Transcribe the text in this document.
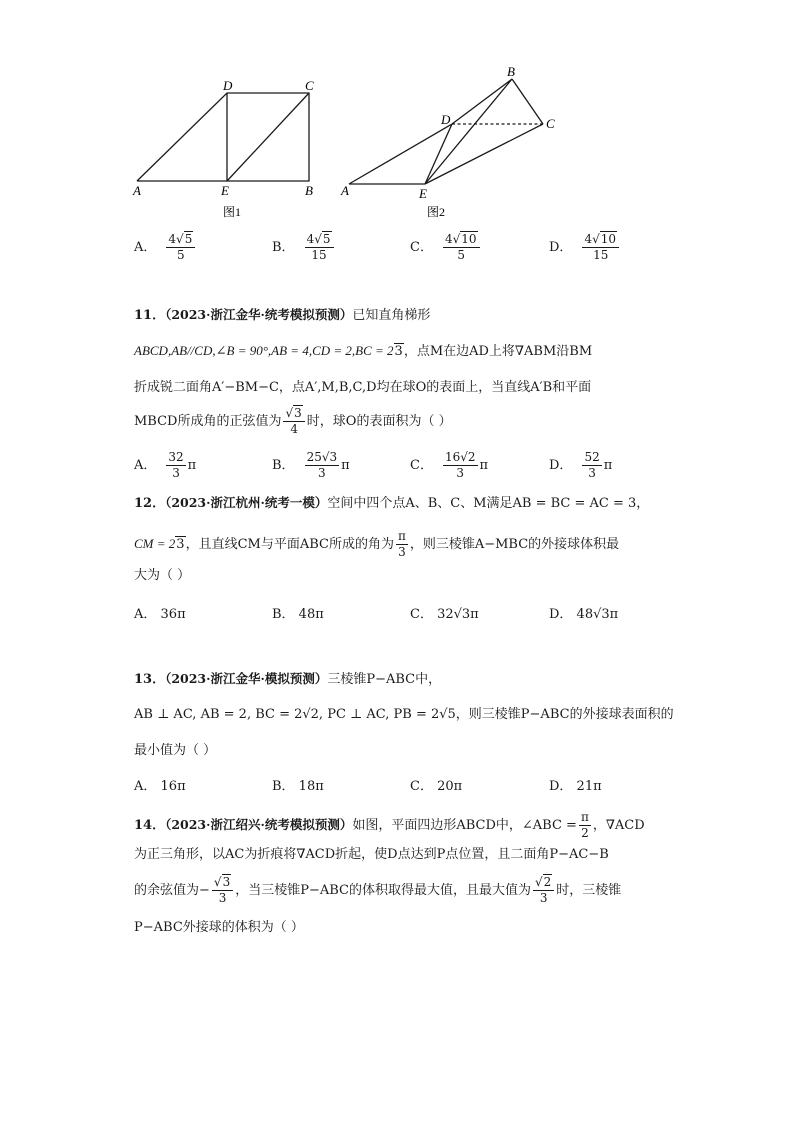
D	C
A	E	B
图1
B
D	C
A	E
图2
A． $\frac{4√5}{5}$	B． $\frac{4√5}{15}$	C． $\frac{4√10}{5}$	D． $\frac{4√10}{15}$
11．（2023·浙江金华·统考模拟预测）已知直角梯形
ABCD,AB//CD,∠B = 90°,AB = 4,CD = 2,BC = 23，点M在边AD上将∇ABM沿BM
折成锐二面角A′−BM−C，点A′,M,B,C,D均在球O的表面上，当直线A′B和平面
MBCD所成角的正弦值为 $\frac{√3}{4}$ 时，球O的表面积为（ ）
A． $\frac{32}{3}$ π	B． $\frac{25√3}{3}$ π	C． $\frac{16√2}{3}$ π	D． $\frac{52}{3}$ π
12．（2023·浙江杭州·统考一模）空间中四个点A、B、C、M满足AB = BC = AC = 3，
CM = 23，且直线CM与平面ABC所成的角为 $\frac{\pi}{3}$ ，则三棱锥A−MBC的外接球体积最
大为（ ）
A． 36π	B． 48π	C． 32√3π	D． 48√3π
13．（2023·浙江金华·模拟预测）三棱锥P−ABC中，
AB ⊥ AC, AB = 2, BC = 2√2, PC ⊥ AC, PB = 2√5，则三棱锥P−ABC的外接球表面积的
最小值为（ ）
A． 16π	B． 18π	C． 20π	D． 21π
14．（2023·浙江绍兴·统考模拟预测）如图，平面四边形ABCD中，∠ABC = $\frac{\pi}{2}$ ，∇ACD
为正三角形，以AC为折痕将∇ACD折起，使D点达到P点位置，且二面角P−AC−B
的余弦值为− $\frac{√3}{3}$ ，当三棱锥P−ABC的体积取得最大值，且最大值为 $\frac{√2}{3}$ 时，三棱锥
P−ABC外接球的体积为（ ）
